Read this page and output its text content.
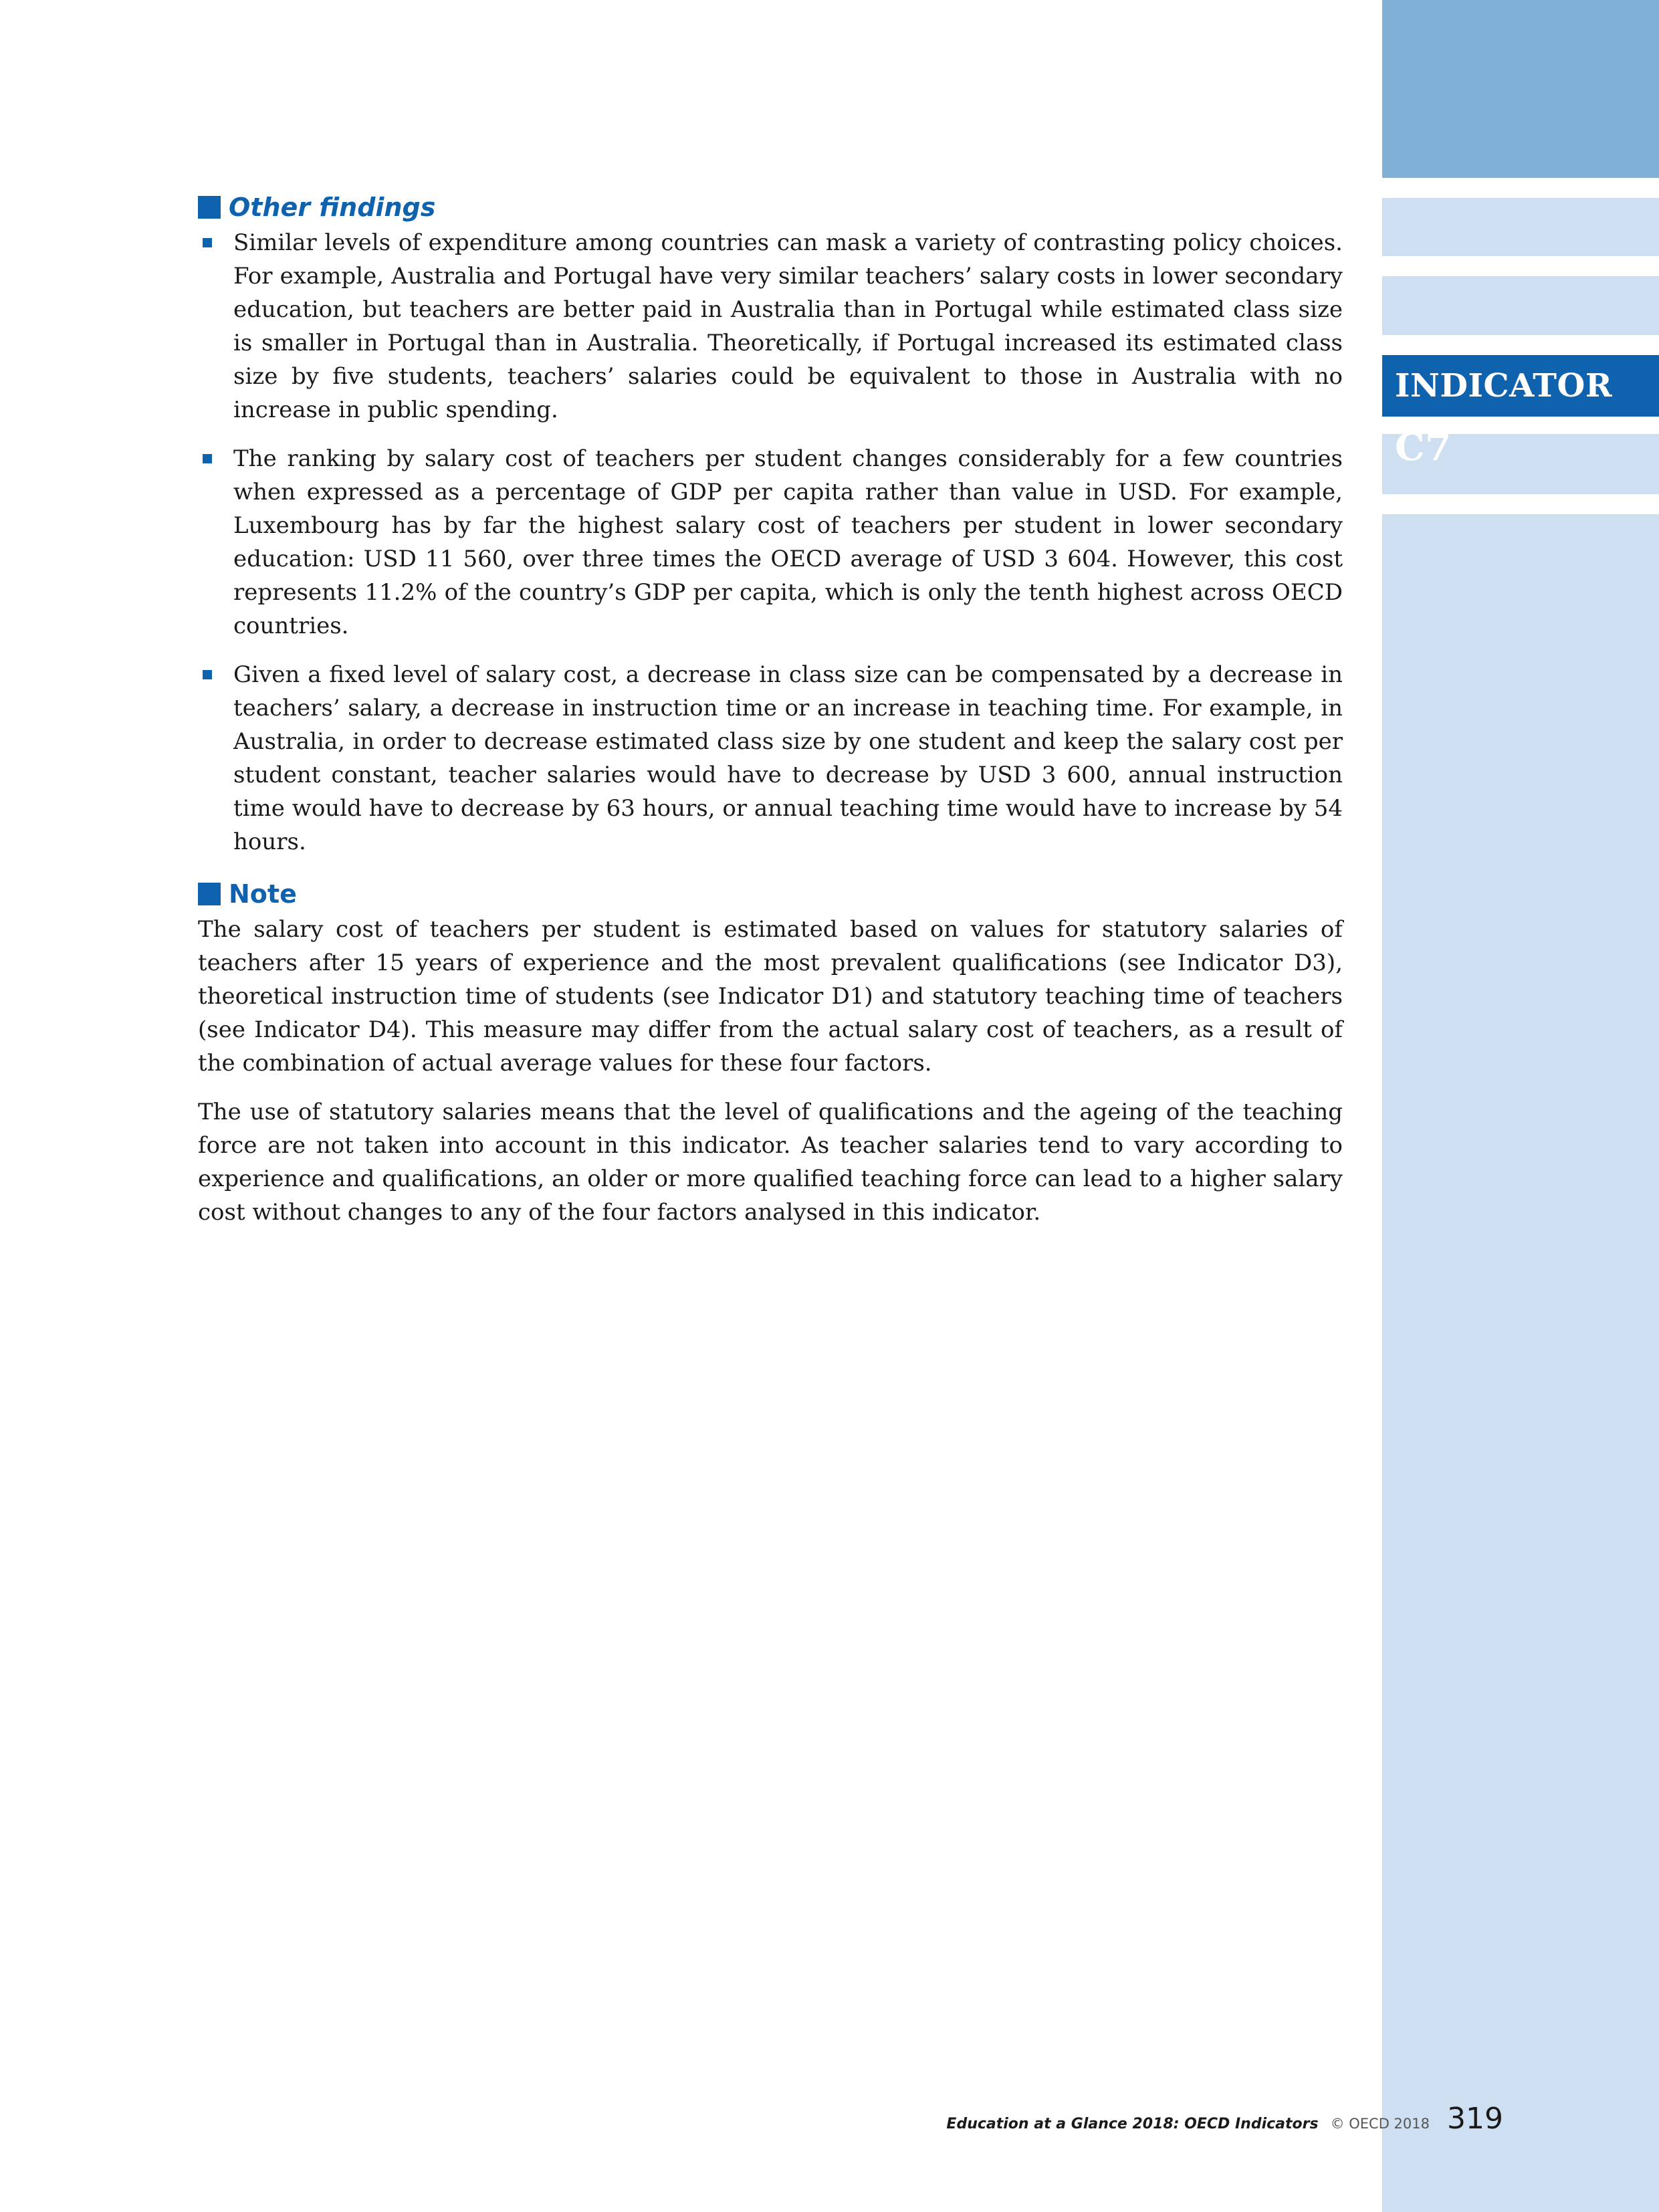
INDICATOR C7
Other findings
Similar levels of expenditure among countries can mask a variety of contrasting policy choices. For example, Australia and Portugal have very similar teachers’ salary costs in lower secondary education, but teachers are better paid in Australia than in Portugal while estimated class size is smaller in Portugal than in Australia. Theoretically, if Portugal increased its estimated class size by five students, teachers’ salaries could be equivalent to those in Australia with no increase in public spending.
The ranking by salary cost of teachers per student changes considerably for a few countries when expressed as a percentage of GDP per capita rather than value in USD. For example, Luxembourg has by far the highest salary cost of teachers per student in lower secondary education: USD 11 560, over three times the OECD average of USD 3 604. However, this cost represents 11.2% of the country’s GDP per capita, which is only the tenth highest across OECD countries.
Given a fixed level of salary cost, a decrease in class size can be compensated by a decrease in teachers’ salary, a decrease in instruction time or an increase in teaching time. For example, in Australia, in order to decrease estimated class size by one student and keep the salary cost per student constant, teacher salaries would have to decrease by USD 3 600, annual instruction time would have to decrease by 63 hours, or annual teaching time would have to increase by 54 hours.
Note

The salary cost of teachers per student is estimated based on values for statutory salaries of teachers after 15 years of experience and the most prevalent qualifications (see Indicator D3), theoretical instruction time of students (see Indicator D1) and statutory teaching time of teachers (see Indicator D4). This measure may differ from the actual salary cost of teachers, as a result of the combination of actual average values for these four factors.

The use of statutory salaries means that the level of qualifications and the ageing of the teaching force are not taken into account in this indicator. As teacher salaries tend to vary according to experience and qualifications, an older or more qualified teaching force can lead to a higher salary cost without changes to any of the four factors analysed in this indicator.

Education at a Glance 2018: OECD Indicators © OECD 2018 319
